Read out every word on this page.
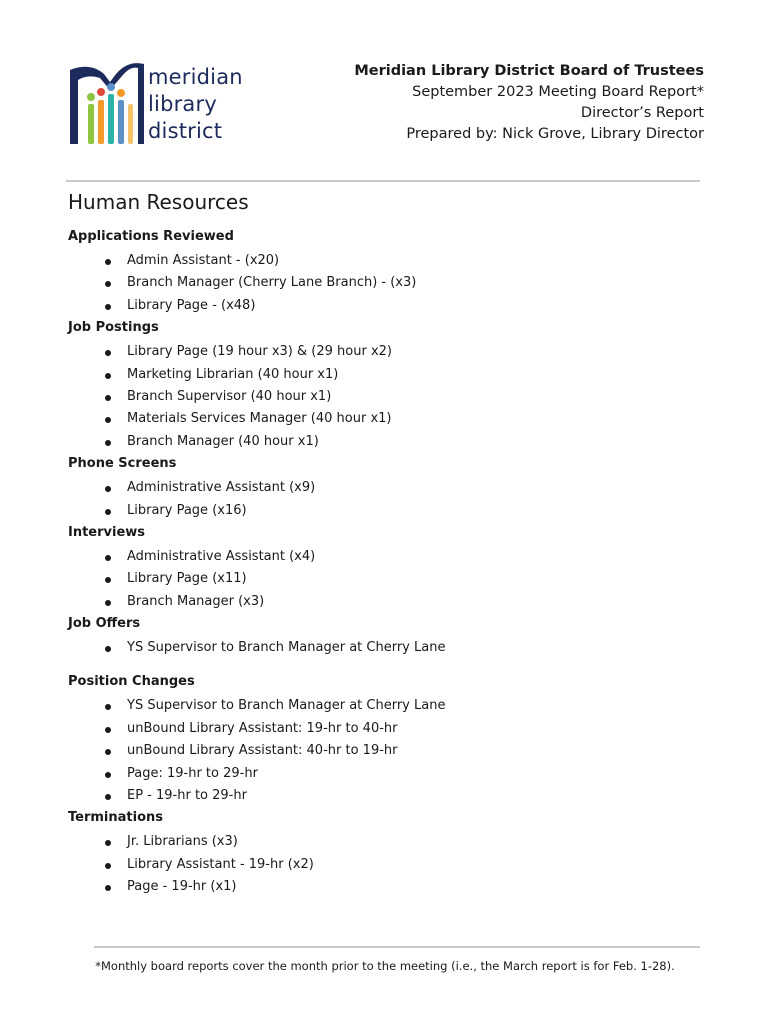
meridian
library
district
Meridian Library District Board of Trustees
September 2023 Meeting Board Report*
Director’s Report
Prepared by: Nick Grove, Library Director
Human Resources
Applications Reviewed
Admin Assistant - (x20)
Branch Manager (Cherry Lane Branch) - (x3)
Library Page - (x48)
Job Postings
Library Page (19 hour x3) & (29 hour x2)
Marketing Librarian (40 hour x1)
Branch Supervisor (40 hour x1)
Materials Services Manager (40 hour x1)
Branch Manager (40 hour x1)
Phone Screens
Administrative Assistant (x9)
Library Page (x16)
Interviews
Administrative Assistant (x4)
Library Page (x11)
Branch Manager (x3)
Job Offers
YS Supervisor to Branch Manager at Cherry Lane
Position Changes
YS Supervisor to Branch Manager at Cherry Lane
unBound Library Assistant: 19-hr to 40-hr
unBound Library Assistant: 40-hr to 19-hr
Page: 19-hr to 29-hr
EP - 19-hr to 29-hr
Terminations
Jr. Librarians (x3)
Library Assistant - 19-hr (x2)
Page - 19-hr (x1)
*Monthly board reports cover the month prior to the meeting (i.e., the March report is for Feb. 1-28).
